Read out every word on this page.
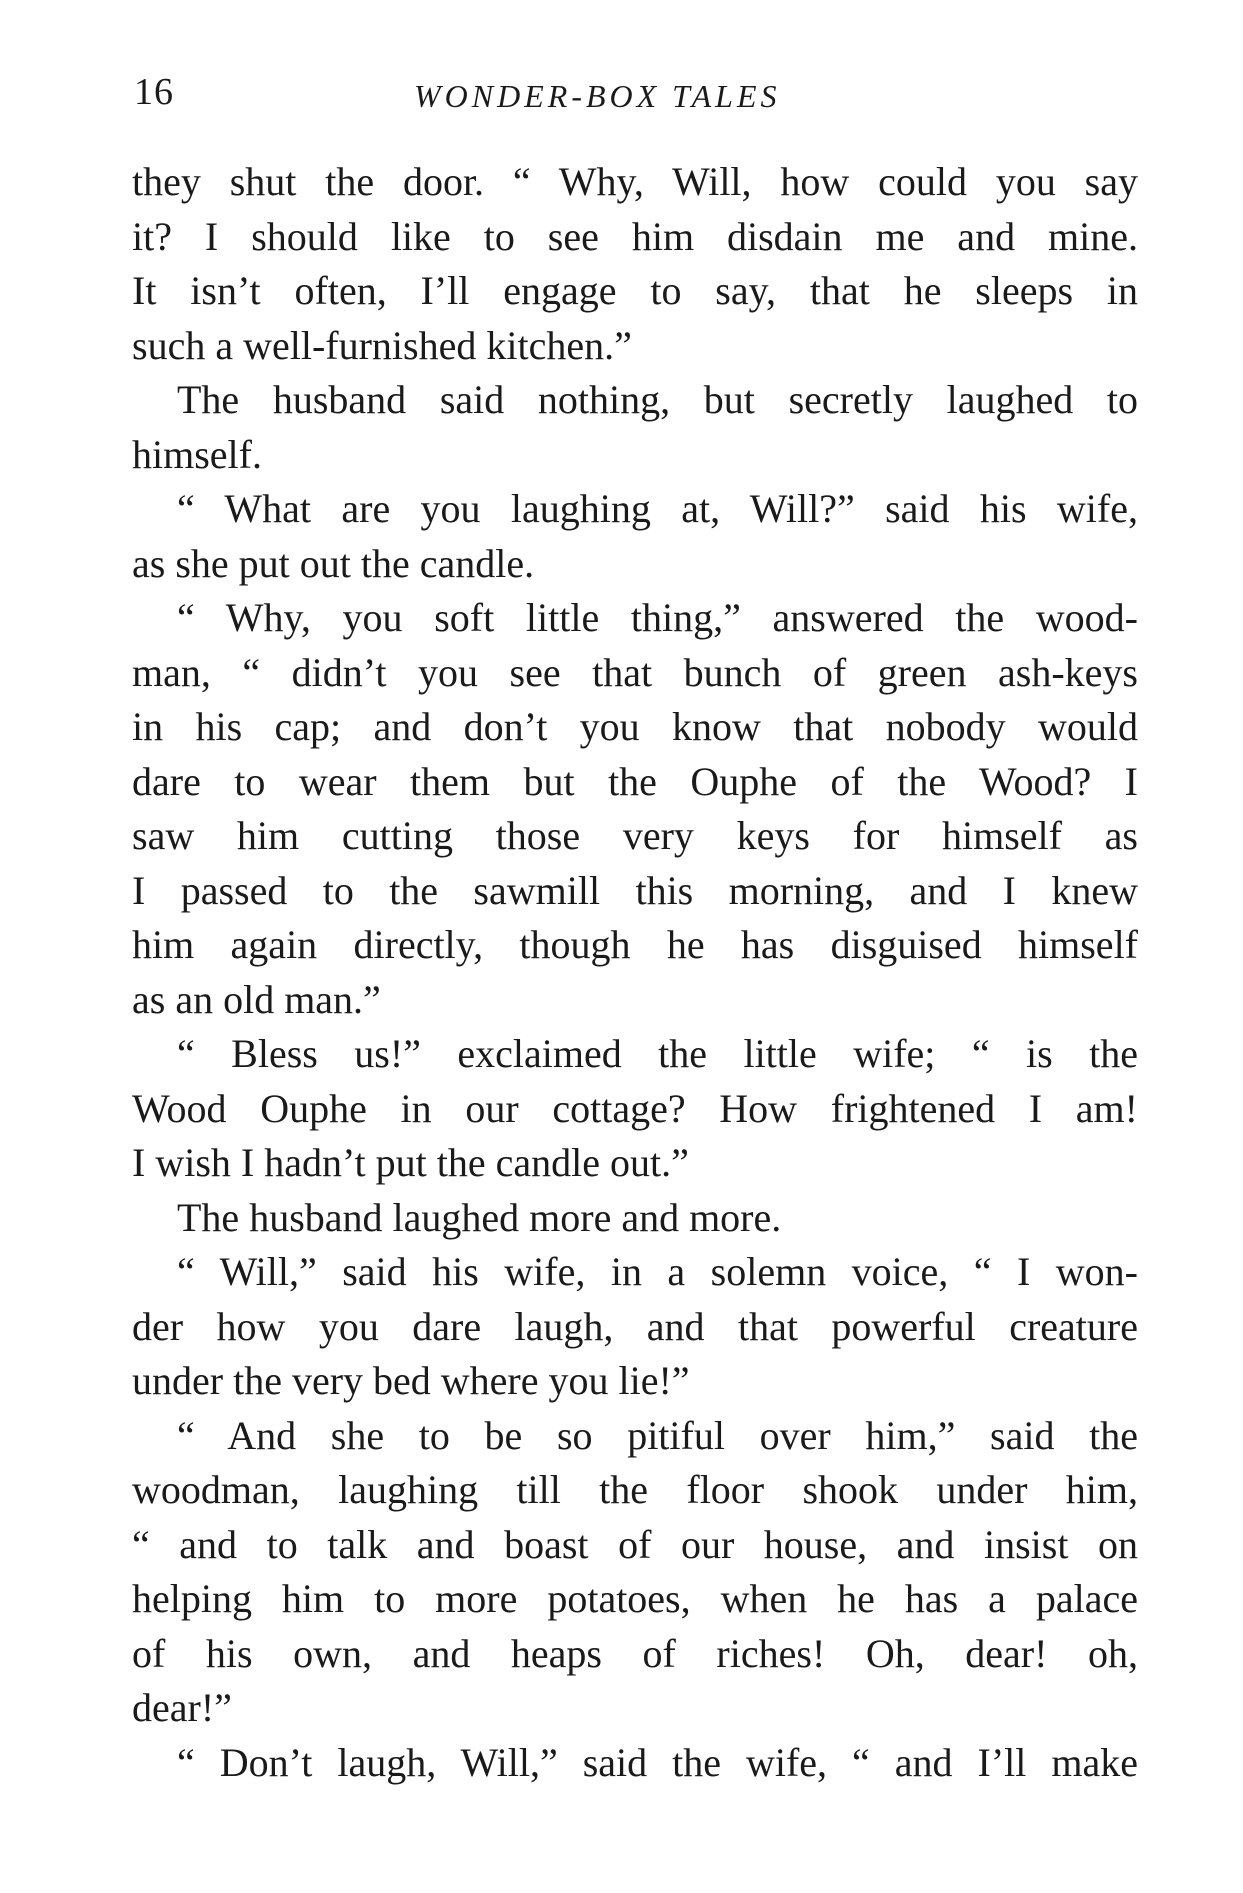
16	WONDER-BOX TALES
they shut the door. “ Why, Will, how could you say
it? I should like to see him disdain me and mine.
It isn’t often, I’ll engage to say, that he sleeps in
such a well-furnished kitchen.”
The husband said nothing, but secretly laughed to
himself.
“ What are you laughing at, Will?” said his wife,
as she put out the candle.
“ Why, you soft little thing,” answered the wood-
man, “ didn’t you see that bunch of green ash-keys
in his cap; and don’t you know that nobody would
dare to wear them but the Ouphe of the Wood? I
saw him cutting those very keys for himself as
I passed to the sawmill this morning, and I knew
him again directly, though he has disguised himself
as an old man.”
“ Bless us!” exclaimed the little wife; “ is the
Wood Ouphe in our cottage? How frightened I am!
I wish I hadn’t put the candle out.”
The husband laughed more and more.
“ Will,” said his wife, in a solemn voice, “ I won-
der how you dare laugh, and that powerful creature
under the very bed where you lie!”
“ And she to be so pitiful over him,” said the
woodman, laughing till the floor shook under him,
“ and to talk and boast of our house, and insist on
helping him to more potatoes, when he has a palace
of his own, and heaps of riches! Oh, dear! oh,
dear!”
“ Don’t laugh, Will,” said the wife, “ and I’ll make
